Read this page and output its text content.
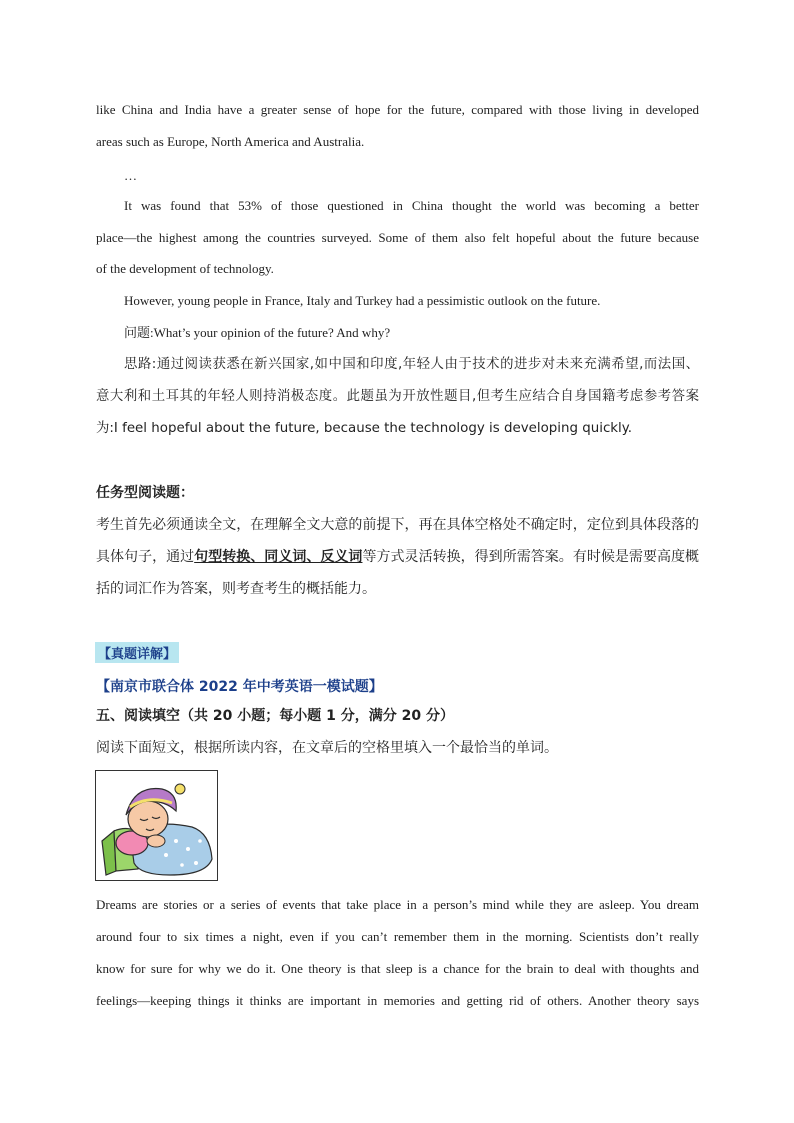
like China and India have a greater sense of hope for the future, compared with those living in developed
areas such as Europe, North America and Australia.
…
It was found that 53% of those questioned in China thought the world was becoming a better
place—the highest among the countries surveyed. Some of them also felt hopeful about the future because
of the development of technology.
However, young people in France, Italy and Turkey had a pessimistic outlook on the future.
问题:What’s your opinion of the future? And why?
思路:通过阅读获悉在新兴国家,如中国和印度,年轻人由于技术的进步对未来充满希望,而法国、
意大利和土耳其的年轻人则持消极态度。此题虽为开放性题目,但考生应结合自身国籍考虑参考答案
为:I feel hopeful about the future, because the technology is developing quickly.
任务型阅读题：
考生首先必须通读全文，在理解全文大意的前提下，再在具体空格处不确定时，定位到具体段落的
具体句子，通过句型转换、同义词、反义词等方式灵活转换，得到所需答案。有时候是需要高度概
括的词汇作为答案，则考查考生的概括能力。
【真题详解】
【南京市联合体 2022 年中考英语一模试题】
五、阅读填空（共 20 小题；每小题 1 分，满分 20 分）
阅读下面短文，根据所读内容，在文章后的空格里填入一个最恰当的单词。
Dreams are stories or a series of events that take place in a person’s mind while they are asleep. You dream
around four to six times a night, even if you can’t remember them in the morning. Scientists don’t really
know for sure for why we do it. One theory is that sleep is a chance for the brain to deal with thoughts and
feelings—keeping things it thinks are important in memories and getting rid of others. Another theory says
